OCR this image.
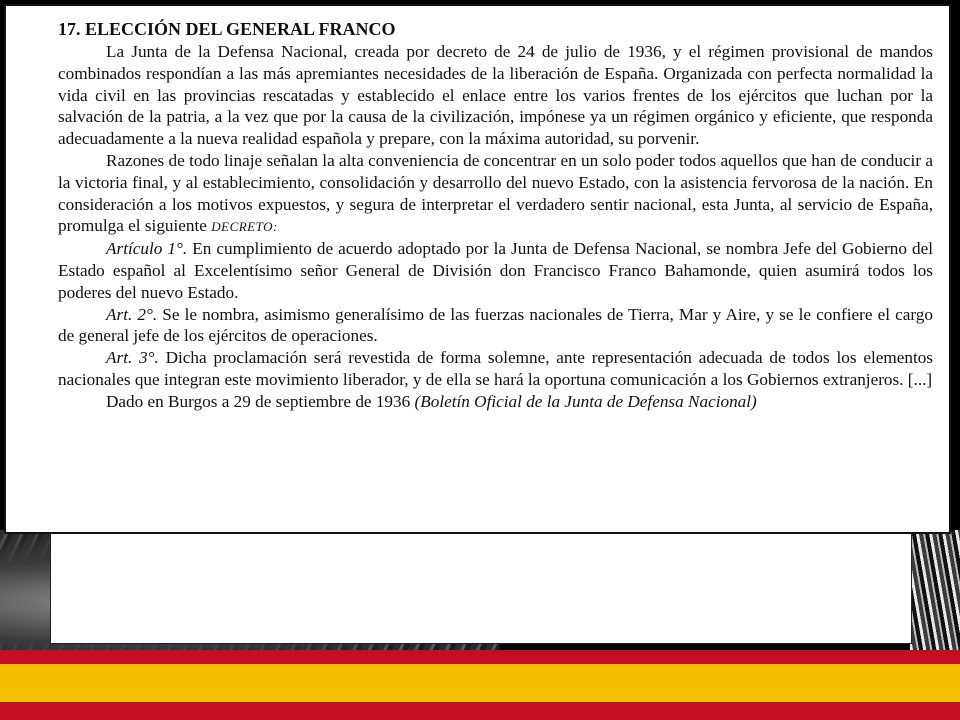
17. ELECCIÓN DEL GENERAL FRANCO

La Junta de la Defensa Nacional, creada por decreto de 24 de julio de 1936, y el régimen provisional de mandos combinados respondían a las más apremiantes necesidades de la liberación de España. Organizada con perfecta normalidad la vida civil en las provincias rescatadas y establecido el enlace entre los varios frentes de los ejércitos que luchan por la salvación de la patria, a la vez que por la causa de la civilización, impónese ya un régimen orgánico y eficiente, que responda adecuadamente a la nueva realidad española y prepare, con la máxima autoridad, su porvenir.

Razones de todo linaje señalan la alta conveniencia de concentrar en un solo poder todos aquellos que han de conducir a la victoria final, y al establecimiento, consolidación y desarrollo del nuevo Estado, con la asistencia fervorosa de la nación. En consideración a los motivos expuestos, y segura de interpretar el verdadero sentir nacional, esta Junta, al servicio de España, promulga el siguiente DECRETO:

Artículo 1°. En cumplimiento de acuerdo adoptado por la Junta de Defensa Nacional, se nombra Jefe del Gobierno del Estado español al Excelentísimo señor General de División don Francisco Franco Bahamonde, quien asumirá todos los poderes del nuevo Estado.

Art. 2°. Se le nombra, asimismo generalísimo de las fuerzas nacionales de Tierra, Mar y Aire, y se le confiere el cargo de general jefe de los ejércitos de operaciones.

Art. 3°. Dicha proclamación será revestida de forma solemne, ante representación adecuada de todos los elementos nacionales que integran este movimiento liberador, y de ella se hará la oportuna comunicación a los Gobiernos extranjeros. [...]

Dado en Burgos a 29 de septiembre de 1936 (Boletín Oficial de la Junta de Defensa Nacional)
